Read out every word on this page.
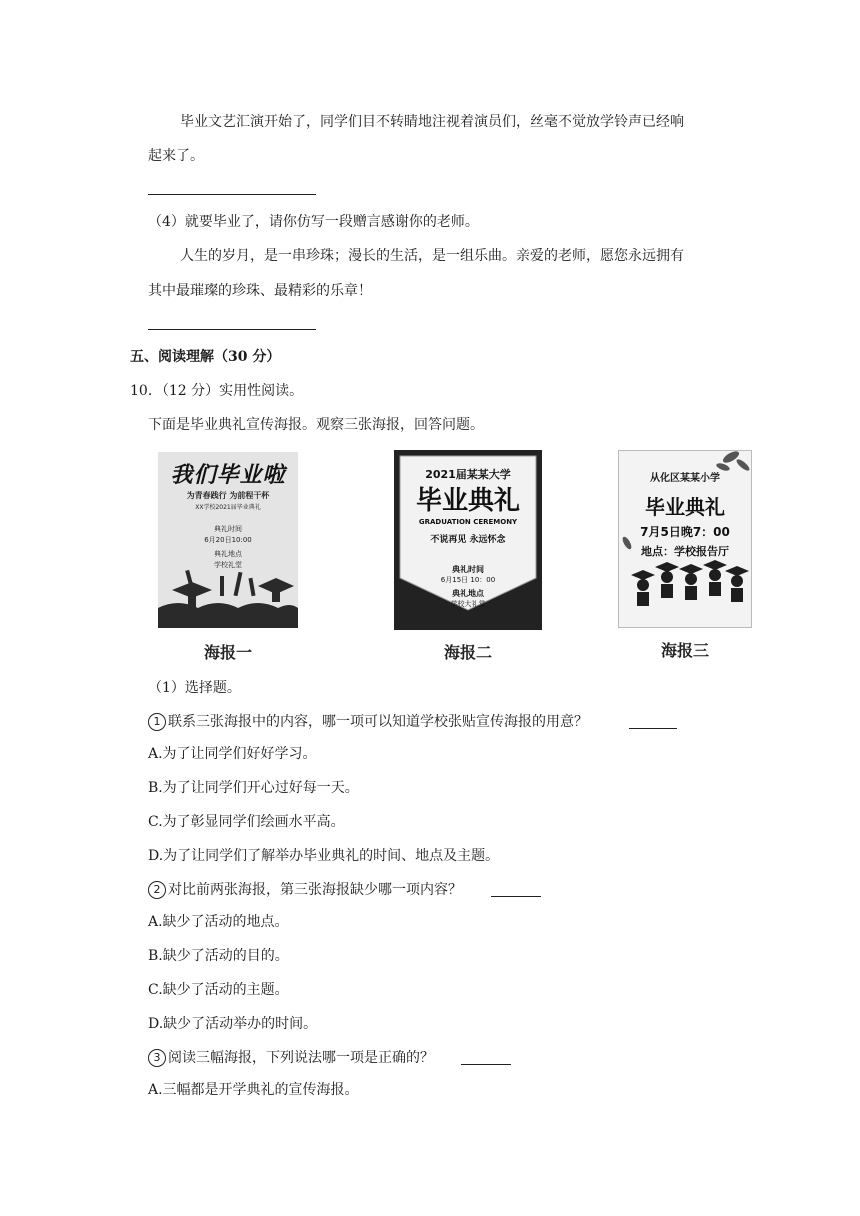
毕业文艺汇演开始了，同学们目不转睛地注视着演员们，丝毫不觉放学铃声已经响
起来了。
（4）就要毕业了，请你仿写一段赠言感谢你的老师。
人生的岁月，是一串珍珠；漫长的生活，是一组乐曲。亲爱的老师，愿您永远拥有
其中最璀璨的珍珠、最精彩的乐章！
五、阅读理解（30 分）
10．（12 分）实用性阅读。
下面是毕业典礼宣传海报。观察三张海报，回答问题。
我们毕业啦
为青春践行 为前程干杯
XX学校2021届毕业典礼
典礼时间
6月20日10:00
典礼地点
学校礼堂
海报一
2021届某某大学
毕业典礼
GRADUATION CEREMONY
不说再见 永远怀念
典礼时间
6月15日 10：00
典礼地点
学校大礼堂
海报二
从化区某某小学
毕业典礼
7月5日晚7：00
地点：学校报告厅
海报三
（1）选择题。
1 联系三张海报中的内容，哪一项可以知道学校张贴宣传海报的用意？
A.为了让同学们好好学习。
B.为了让同学们开心过好每一天。
C.为了彰显同学们绘画水平高。
D.为了让同学们了解举办毕业典礼的时间、地点及主题。
2 对比前两张海报，第三张海报缺少哪一项内容？
A.缺少了活动的地点。
B.缺少了活动的目的。
C.缺少了活动的主题。
D.缺少了活动举办的时间。
3 阅读三幅海报，下列说法哪一项是正确的？
A.三幅都是开学典礼的宣传海报。
